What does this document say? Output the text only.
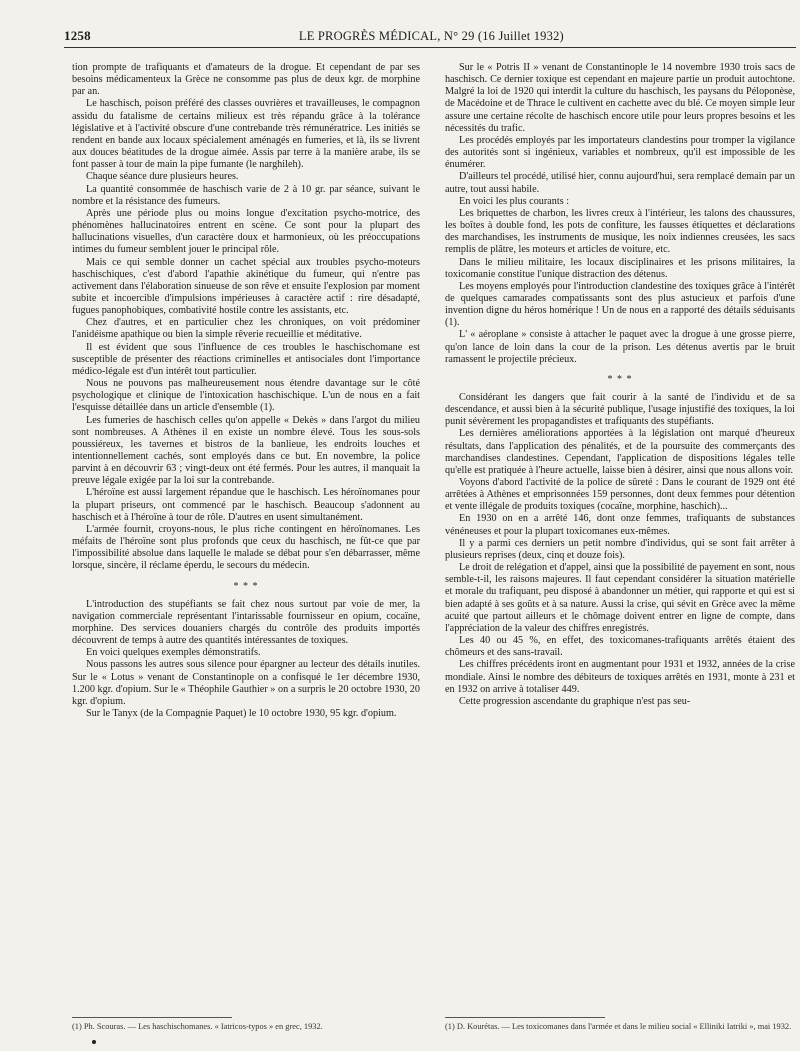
1258	LE PROGRÈS MÉDICAL, N° 29 (16 Juillet 1932)

tion prompte de trafiquants et d'amateurs de la drogue. Et cependant de par ses besoins médicamenteux la Grèce ne consomme pas plus de deux kgr. de morphine par an.

Le haschisch, poison préféré des classes ouvrières et travailleuses, le compagnon assidu du fatalisme de certains milieux est très répandu grâce à la tolérance législative et à l'activité obscure d'une contrebande très rémunératrice. Les initiés se rendent en bande aux locaux spécialement aménagés en fumeries, et là, ils se livrent aux douces béatitudes de la drogue aimée. Assis par terre à la manière arabe, ils se font passer à tour de main la pipe fumante (le narghileh).

Chaque séance dure plusieurs heures.

La quantité consommée de haschisch varie de 2 à 10 gr. par séance, suivant le nombre et la résistance des fumeurs.

Après une période plus ou moins longue d'excitation psycho-motrice, des phénomènes hallucinatoires entrent en scène. Ce sont pour la plupart des hallucinations visuelles, d'un caractère doux et harmonieux, où les préoccupations intimes du fumeur semblent jouer le principal rôle.

Mais ce qui semble donner un cachet spécial aux troubles psycho-moteurs haschischiques, c'est d'abord l'apathie akinétique du fumeur, qui n'entre pas activement dans l'élaboration sinueuse de son rêve et ensuite l'explosion par moment subite et incoercible d'impulsions impérieuses à caractère actif : rire désadapté, fugues panophobiques, combativité hostile contre les assistants, etc.

Chez d'autres, et en particulier chez les chroniques, on voit prédominer l'anidéisme apathique ou bien la simple rêverie recueillie et méditative.

Il est évident que sous l'influence de ces troubles le haschischomane est susceptible de présenter des réactions criminelles et antisociales dont l'importance médico-légale est d'un intérêt tout particulier.

Nous ne pouvons pas malheureusement nous étendre davantage sur le côté psychologique et clinique de l'intoxication haschischique. L'un de nous en a fait l'esquisse détaillée dans un article d'ensemble (1).

Les fumeries de haschisch celles qu'on appelle « Dekès » dans l'argot du milieu sont nombreuses. A Athènes il en existe un nombre élevé. Tous les sous-sols poussiéreux, les tavernes et bistros de la banlieue, les endroits louches et intentionnellement cachés, sont employés dans ce but. En novembre, la police parvint à en découvrir 63 ; vingt-deux ont été fermés. Pour les autres, il manquait la preuve légale exigée par la loi sur la contrebande.

L'héroïne est aussi largement répandue que le haschisch. Les héroïnomanes pour la plupart priseurs, ont commencé par le haschisch. Beaucoup s'adonnent au haschisch et à l'héroïne à tour de rôle. D'autres en usent simultanément.

L'armée fournit, croyons-nous, le plus riche contingent en héroïnomanes. Les méfaits de l'héroïne sont plus profonds que ceux du haschisch, ne fût-ce que par l'impossibilité absolue dans laquelle le malade se débat pour s'en débarrasser, même lorsque, sincère, il réclame éperdu, le secours du médecin.

* * *

L'introduction des stupéfiants se fait chez nous surtout par voie de mer, la navigation commerciale représentant l'intarissable fournisseur en opium, cocaïne, morphine. Des services douaniers chargés du contrôle des produits importés découvrent de temps à autre des quantités intéressantes de toxiques.

En voici quelques exemples démonstratifs.

Nous passons les autres sous silence pour épargner au lecteur des détails inutiles. Sur le « Lotus » venant de Constantinople on a confisqué le 1er décembre 1930, 1.200 kgr. d'opium. Sur le « Théophile Gauthier » on a surpris le 20 octobre 1930, 20 kgr. d'opium.

Sur le Tanyx (de la Compagnie Paquet) le 10 octobre 1930, 95 kgr. d'opium.

Sur le « Potris II » venant de Constantinople le 14 novembre 1930 trois sacs de haschisch. Ce dernier toxique est cependant en majeure partie un produit autochtone. Malgré la loi de 1920 qui interdit la culture du haschisch, les paysans du Péloponèse, de Macédoine et de Thrace le cultivent en cachette avec du blé. Ce moyen simple leur assure une certaine récolte de haschisch encore utile pour leurs propres besoins et les nécessités du trafic.

Les procédés employés par les importateurs clandestins pour tromper la vigilance des autorités sont si ingénieux, variables et nombreux, qu'il est impossible de les énumérer.

D'ailleurs tel procédé, utilisé hier, connu aujourd'hui, sera remplacé demain par un autre, tout aussi habile.

En voici les plus courants :

Les briquettes de charbon, les livres creux à l'intérieur, les talons des chaussures, les boîtes à double fond, les pots de confiture, les fausses étiquettes et déclarations des marchandises, les instruments de musique, les noix indiennes creusées, les sacs remplis de plâtre, les moteurs et articles de voiture, etc.

Dans le milieu militaire, les locaux disciplinaires et les prisons militaires, la toxicomanie constitue l'unique distraction des détenus.

Les moyens employés pour l'introduction clandestine des toxiques grâce à l'intérêt de quelques camarades compatissants sont des plus astucieux et parfois d'une invention digne du héros homérique ! Un de nous en a rapporté des détails séduisants (1).

L' « aéroplane » consiste à attacher le paquet avec la drogue à une grosse pierre, qu'on lance de loin dans la cour de la prison. Les détenus avertis par le bruit ramassent le projectile précieux.

* * *

Considérant les dangers que fait courir à la santé de l'individu et de sa descendance, et aussi bien à la sécurité publique, l'usage injustifié des toxiques, la loi punit sévèrement les propagandistes et trafiquants des stupéfiants.

Les dernières améliorations apportées à la législation ont marqué d'heureux résultats, dans l'application des pénalités, et de la poursuite des commerçants des marchandises clandestines. Cependant, l'application de dispositions légales telle qu'elle est pratiquée à l'heure actuelle, laisse bien à désirer, ainsi que nous allons voir.

Voyons d'abord l'activité de la police de sûreté : Dans le courant de 1929 ont été arrêtées à Athènes et emprisonnées 159 personnes, dont deux femmes pour détention et vente illégale de produits toxiques (cocaïne, morphine, haschich)...

En 1930 on en a arrêté 146, dont onze femmes, trafiquants de substances vénéneuses et pour la plupart toxicomanes eux-mêmes.

Il y a parmi ces derniers un petit nombre d'individus, qui se sont fait arrêter à plusieurs reprises (deux, cinq et douze fois).

Le droit de relégation et d'appel, ainsi que la possibilité de payement en sont, nous semble-t-il, les raisons majeures. Il faut cependant considérer la situation matérielle et morale du trafiquant, peu disposé à abandonner un métier, qui rapporte et qui est si bien adapté à ses goûts et à sa nature. Aussi la crise, qui sévit en Grèce avec la même acuité que partout ailleurs et le chômage doivent entrer en ligne de compte, dans l'appréciation de la valeur des chiffres enregistrés.

Les 40 ou 45 %, en effet, des toxicomanes-trafiquants arrêtés étaient des chômeurs et des sans-travail.

Les chiffres précédents iront en augmentant pour 1931 et 1932, années de la crise mondiale. Ainsi le nombre des débiteurs de toxiques arrêtés en 1931, monte à 231 et en 1932 on arrive à totaliser 449.

Cette progression ascendante du graphique n'est pas seu-

(1) Ph. Scouras. — Les haschischomanes. « Iatricos-typos » en grec, 1932.	(1) D. Kourétas. — Les toxicomanes dans l'armée et dans le milieu social « Elliniki Iatriki », mai 1932.
